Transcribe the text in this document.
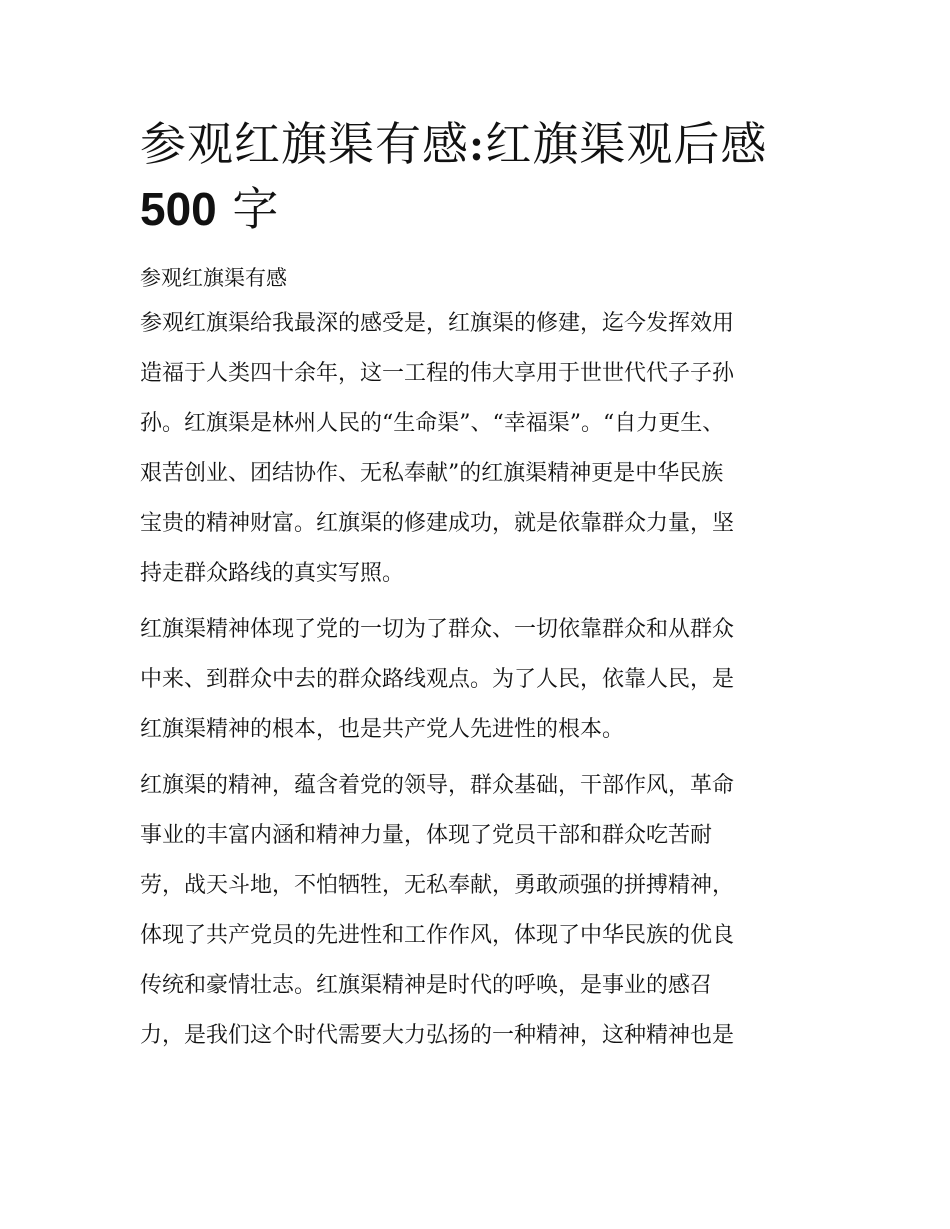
参观红旗渠有感:红旗渠观后感
500 字

参观红旗渠有感

参观红旗渠给我最深的感受是，红旗渠的修建，迄今发挥效用
造福于人类四十余年，这一工程的伟大享用于世世代代子子孙
孙。红旗渠是林州人民的“生命渠”、“幸福渠”。“自力更生、
艰苦创业、团结协作、无私奉献”的红旗渠精神更是中华民族
宝贵的精神财富。红旗渠的修建成功，就是依靠群众力量，坚
持走群众路线的真实写照。
红旗渠精神体现了党的一切为了群众、一切依靠群众和从群众
中来、到群众中去的群众路线观点。为了人民，依靠人民，是
红旗渠精神的根本，也是共产党人先进性的根本。
红旗渠的精神，蕴含着党的领导，群众基础，干部作风，革命
事业的丰富内涵和精神力量，体现了党员干部和群众吃苦耐
劳，战天斗地，不怕牺牲，无私奉献，勇敢顽强的拼搏精神，
体现了共产党员的先进性和工作作风，体现了中华民族的优良
传统和豪情壮志。红旗渠精神是时代的呼唤，是事业的感召
力，是我们这个时代需要大力弘扬的一种精神，这种精神也是
